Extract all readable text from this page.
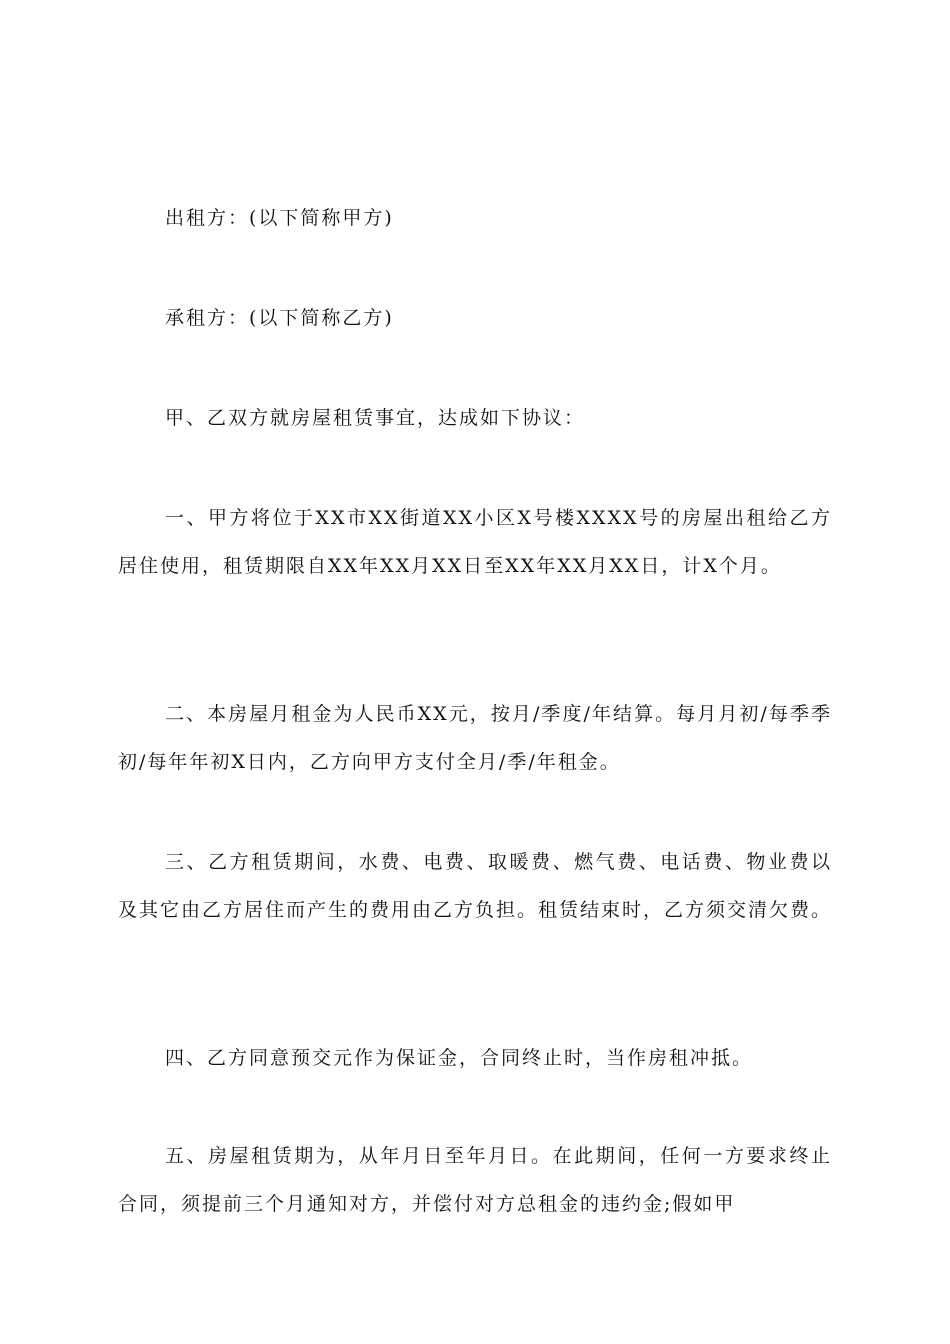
出租方：(以下简称甲方)

承租方：(以下简称乙方)

甲、乙双方就房屋租赁事宜，达成如下协议：

一、甲方将位于XX市XX街道XX小区X号楼XXXX号的房屋出租给乙方居住使用，租赁期限自XX年XX月XX日至XX年XX月XX日，计X个月。

二、本房屋月租金为人民币XX元，按月/季度/年结算。每月月初/每季季初/每年年初X日内，乙方向甲方支付全月/季/年租金。

三、乙方租赁期间，水费、电费、取暖费、燃气费、电话费、物业费以及其它由乙方居住而产生的费用由乙方负担。租赁结束时，乙方须交清欠费。

四、乙方同意预交元作为保证金，合同终止时，当作房租冲抵。

五、房屋租赁期为，从年月日至年月日。在此期间，任何一方要求终止合同，须提前三个月通知对方，并偿付对方总租金的违约金;假如甲
